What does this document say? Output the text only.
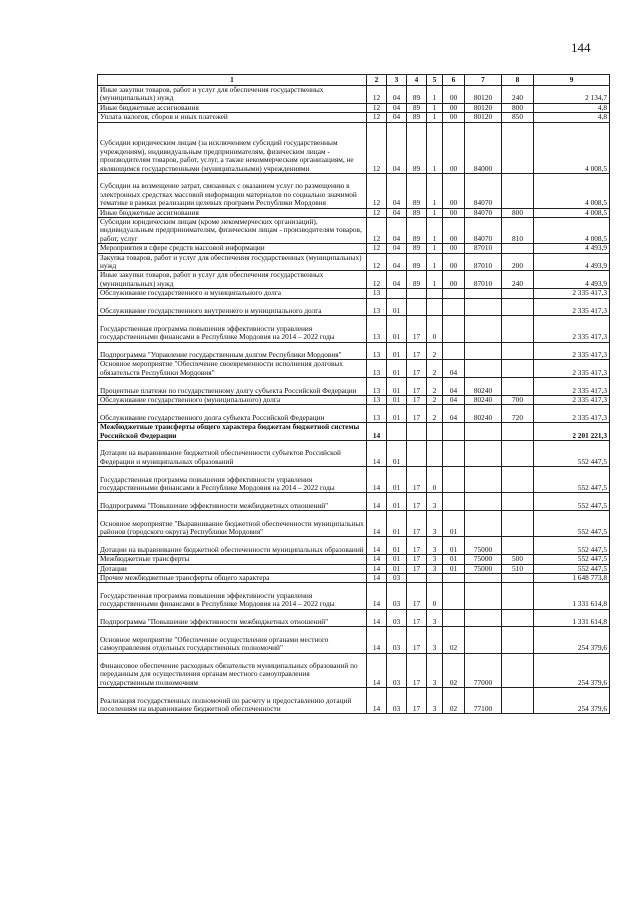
144
1	2	3	4	5	6	7	8	9
Иные закупки товаров, работ и услуг для обеспечения государственных (муниципальных) нужд	12	04	89	1	00	80120	240	2 134,7
Иные бюджетные ассигнования	12	04	89	1	00	80120	800	4,8
Уплата налогов, сборов и иных платежей	12	04	89	1	00	80120	850	4,8
Субсидии юридическим лицам (за исключением субсидий государственным учреждениям), индивидуальным предпринимателям, физическим лицам - производителям товаров, работ, услуг, а также некоммерческим организациям, не являющимся государственными (муниципальными) учреждениями	12	04	89	1	00	84000		4 008,5
Субсидии на возмещение затрат, связанных с оказанием услуг по размещению в электронных средствах массовой информации материалов по социально значимой тематике в рамках реализации целевых программ Республики Мордовия	12	04	89	1	00	84070		4 008,5
Иные бюджетные ассигнования	12	04	89	1	00	84070	800	4 008,5
Субсидии юридическим лицам (кроме некоммерческих организаций), индивидуальным предпринимателям, физическим лицам - производителям товаров, работ, услуг	12	04	89	1	00	84070	810	4 008,5
Мероприятия в сфере средств массовой информации	12	04	89	1	00	87010		4 493,9
Закупка товаров, работ и услуг для обеспечения государственных (муниципальных) нужд	12	04	89	1	00	87010	200	4 493,9
Иные закупки товаров, работ и услуг для обеспечения государственных (муниципальных) нужд	12	04	89	1	00	87010	240	4 493,9
Обслуживание государственного и муниципального долга	13							2 335 417,3
Обслуживание государственного внутреннего и муниципального долга	13	01						2 335 417,3
Государственная программа повышения эффективности управления государственными финансами в Республике Мордовия на 2014 – 2022 годы	13	01	17	0				2 335 417,3
Подпрограмма "Управление государственным долгом Республики Мордовия"	13	01	17	2				2 335 417,3
Основное мероприятие "Обеспечение своевременности исполнения долговых обязательств Республики Мордовия"	13	01	17	2	04			2 335 417,3
Процентные платежи по государственному долгу субъекта Российской Федерации	13	01	17	2	04	80240		2 335 417,3
Обслуживание государственного (муниципального) долга	13	01	17	2	04	80240	700	2 335 417,3
Обслуживание государственного долга субъекта Российской Федерации	13	01	17	2	04	80240	720	2 335 417,3
Межбюджетные трансферты общего характера бюджетам бюджетной системы Российской Федерации	14							2 201 221,3
Дотации на выравнивание бюджетной обеспеченности субъектов Российской Федерации и муниципальных образований	14	01						552 447,5
Государственная программа повышения эффективности управления государственными финансами в Республике Мордовия на 2014 – 2022 годы	14	01	17	0				552 447,5
Подпрограмма "Повышение эффективности межбюджетных отношений"	14	01	17	3				552 447,5
Основное мероприятие "Выравнивание бюджетной обеспеченности муниципальных районов (городского округа) Республики Мордовия"	14	01	17	3	01			552 447,5
Дотации на выравнивание бюджетной обеспеченности муниципальных образований	14	01	17	3	01	75000		552 447,5
Межбюджетные трансферты	14	01	17	3	01	75000	500	552 447,5
Дотации	14	01	17	3	01	75000	510	552 447,5
Прочие межбюджетные трансферты общего характера	14	03						1 648 773,8
Государственная программа повышения эффективности управления государственными финансами в Республике Мордовия на 2014 – 2022 годы	14	03	17	0				1 331 614,8
Подпрограмма "Повышение эффективности межбюджетных отношений"	14	03	17	3				1 331 614,8
Основное мероприятие "Обеспечение осуществления органами местного самоуправления отдельных государственных полномочий"	14	03	17	3	02			254 379,6
Финансовое обеспечение расходных обязательств муниципальных образований по переданным для осуществления органам местного самоуправления государственным полномочиям	14	03	17	3	02	77000		254 379,6
Реализация государственных полномочий по расчету и предоставлению дотаций поселениям на выравнивание бюджетной обеспеченности	14	03	17	3	02	77100		254 379,6
